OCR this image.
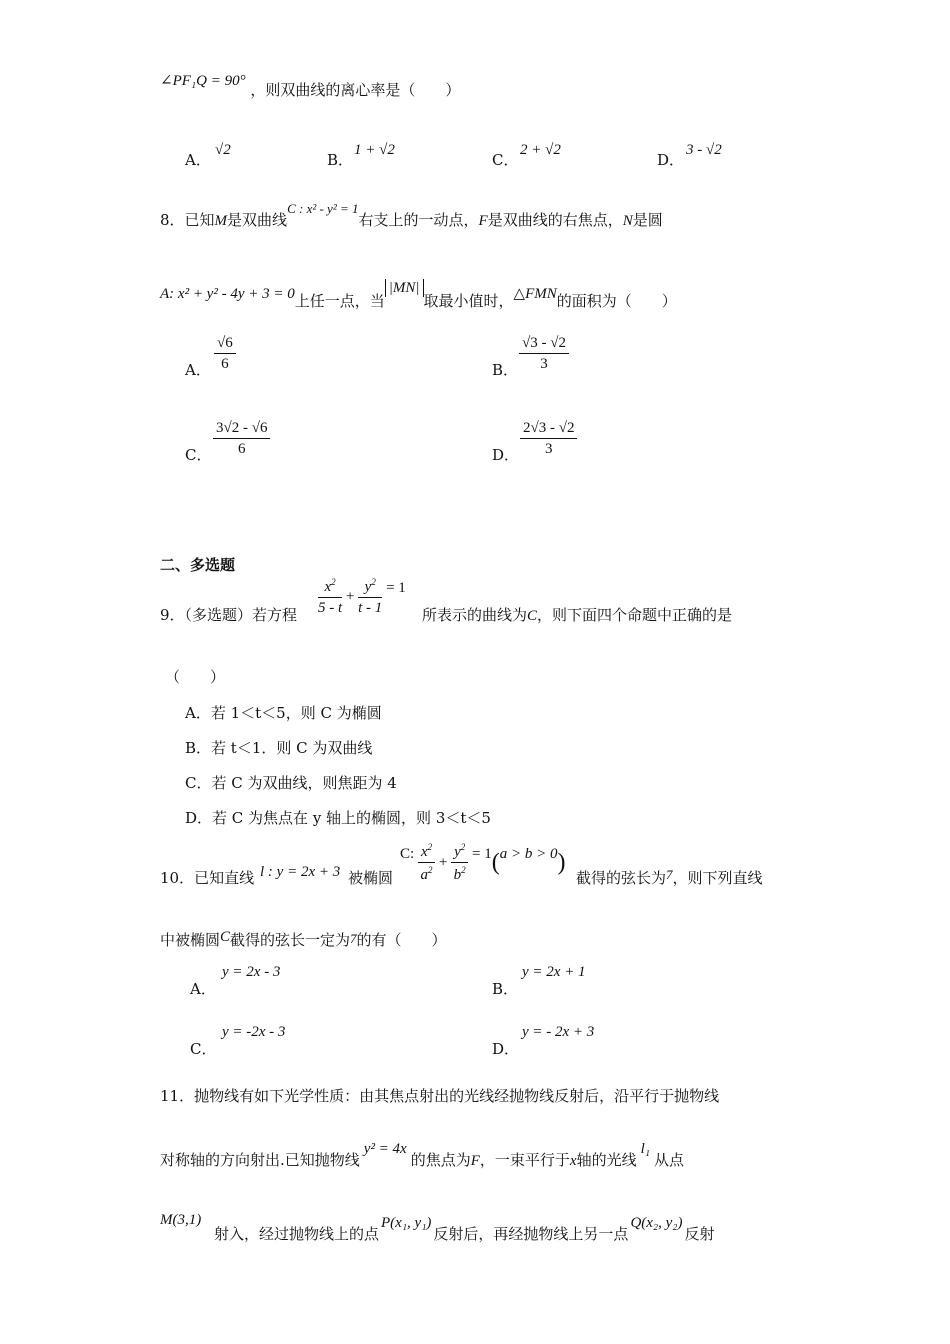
∠PF₁Q = 90° ，则双曲线的离心率是（　　）
A．
√2
B．
1 + √2
C．
2 + √2
D．
3 - √2
8．已知M是双曲线C : x² - y² = 1右支上的一动点，F是双曲线的右焦点，N是圆
A: x² + y² - 4y + 3 = 0上任一点，当|MN|取最小值时，△FMN的面积为（　　）
A． $\frac{√6}{6}$	B． $\frac{√3 - √2}{3}$
C． $\frac{3√2 - √6}{6}$	D． $\frac{2√3 - √2}{3}$
二、多选题
9．（多选题）若方程 $\frac{x^2}{5 - t} + \frac{y^2}{t - 1} = 1$
所表示的曲线为C，则下面四个命题中正确的是
（　　）
A．若 1＜t＜5，则 C 为椭圆
B．若 t＜1．则 C 为双曲线
C．若 C 为双曲线，则焦距为 4
D．若 C 为焦点在 y 轴上的椭圆，则 3＜t＜5
10．已知直线 l : y = 2x + 3 被椭圆
C: $\frac{x^2}{a^2} + \frac{y^2}{b^2} = 1(a > b > 0)$
截得的弦长为7，则下列直线
中被椭圆C截得的弦长一定为7的有（　　）
A．
y = 2x - 3
B．
y = 2x + 1
C．
y = -2x - 3
D．
y = - 2x + 3
11．抛物线有如下光学性质：由其焦点射出的光线经抛物线反射后，沿平行于抛物线
对称轴的方向射出.已知抛物线y² = 4x的焦点为F，一束平行于x轴的光线l₁从点
M(3,1)
射入，经过抛物线上的点P(x₁, y₁)反射后，再经抛物线上另一点Q(x₂, y₂)反射
